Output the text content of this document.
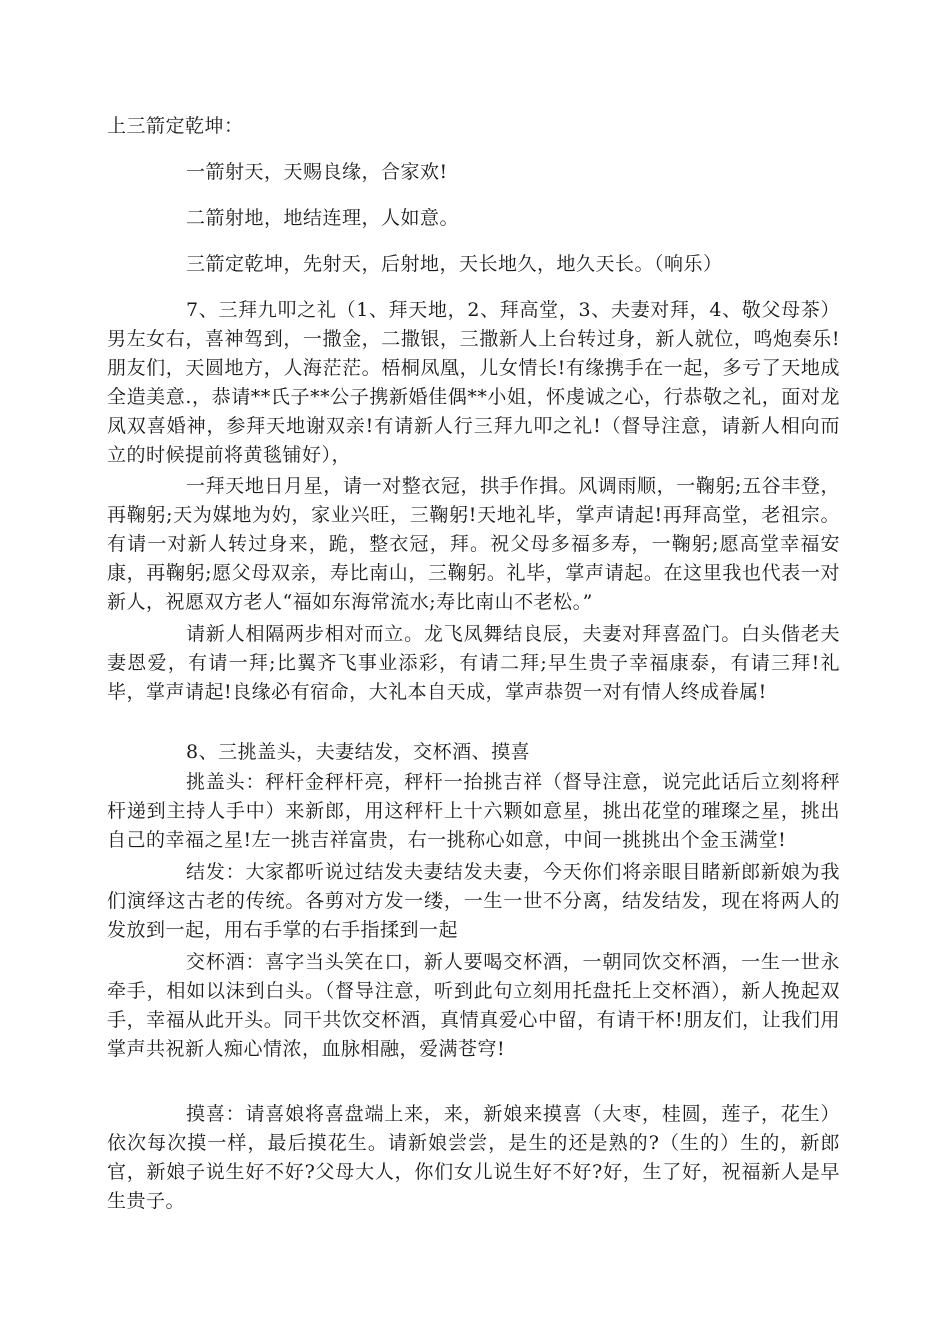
上三箭定乾坤：

一箭射天，天赐良缘，合家欢!

二箭射地，地结连理，人如意。

三箭定乾坤，先射天，后射地，天长地久，地久天长。（响乐）

7、三拜九叩之礼（1、拜天地，2、拜高堂，3、夫妻对拜，4、敬父母茶）男左女右，喜神驾到，一撒金，二撒银，三撒新人上台转过身，新人就位，鸣炮奏乐!朋友们，天圆地方，人海茫茫。梧桐凤凰，儿女情长!有缘携手在一起，多亏了天地成全造美意.，恭请**氏子**公子携新婚佳偶**小姐，怀虔诚之心，行恭敬之礼，面对龙凤双喜婚神，参拜天地谢双亲!有请新人行三拜九叩之礼!（督导注意，请新人相向而立的时候提前将黄毯铺好），

一拜天地日月星，请一对整衣冠，拱手作揖。风调雨顺，一鞠躬;五谷丰登，再鞠躬;天为媒地为妁，家业兴旺，三鞠躬!天地礼毕，掌声请起!再拜高堂，老祖宗。有请一对新人转过身来，跪，整衣冠，拜。祝父母多福多寿，一鞠躬;愿高堂幸福安康，再鞠躬;愿父母双亲，寿比南山，三鞠躬。礼毕，掌声请起。在这里我也代表一对新人，祝愿双方老人“福如东海常流水;寿比南山不老松。”

请新人相隔两步相对而立。龙飞凤舞结良辰，夫妻对拜喜盈门。白头偕老夫妻恩爱，有请一拜;比翼齐飞事业添彩，有请二拜;早生贵子幸福康泰，有请三拜!礼毕，掌声请起!良缘必有宿命，大礼本自天成，掌声恭贺一对有情人终成眷属!

8、三挑盖头，夫妻结发，交杯酒、摸喜

挑盖头：秤杆金秤杆亮，秤杆一抬挑吉祥（督导注意，说完此话后立刻将秤杆递到主持人手中）来新郎，用这秤杆上十六颗如意星，挑出花堂的璀璨之星，挑出自己的幸福之星!左一挑吉祥富贵，右一挑称心如意，中间一挑挑出个金玉满堂!

结发：大家都听说过结发夫妻结发夫妻，今天你们将亲眼目睹新郎新娘为我们演绎这古老的传统。各剪对方发一缕，一生一世不分离，结发结发，现在将两人的发放到一起，用右手掌的右手指揉到一起

交杯酒：喜字当头笑在口，新人要喝交杯酒，一朝同饮交杯酒，一生一世永牵手，相如以沫到白头。（督导注意，听到此句立刻用托盘托上交杯酒），新人挽起双手，幸福从此开头。同干共饮交杯酒，真情真爱心中留，有请干杯!朋友们，让我们用掌声共祝新人痴心情浓，血脉相融，爱满苍穹!

摸喜：请喜娘将喜盘端上来，来，新娘来摸喜（大枣，桂圆，莲子，花生）依次每次摸一样，最后摸花生。请新娘尝尝，是生的还是熟的?（生的）生的，新郎官，新娘子说生好不好?父母大人，你们女儿说生好不好?好，生了好，祝福新人是早生贵子。
